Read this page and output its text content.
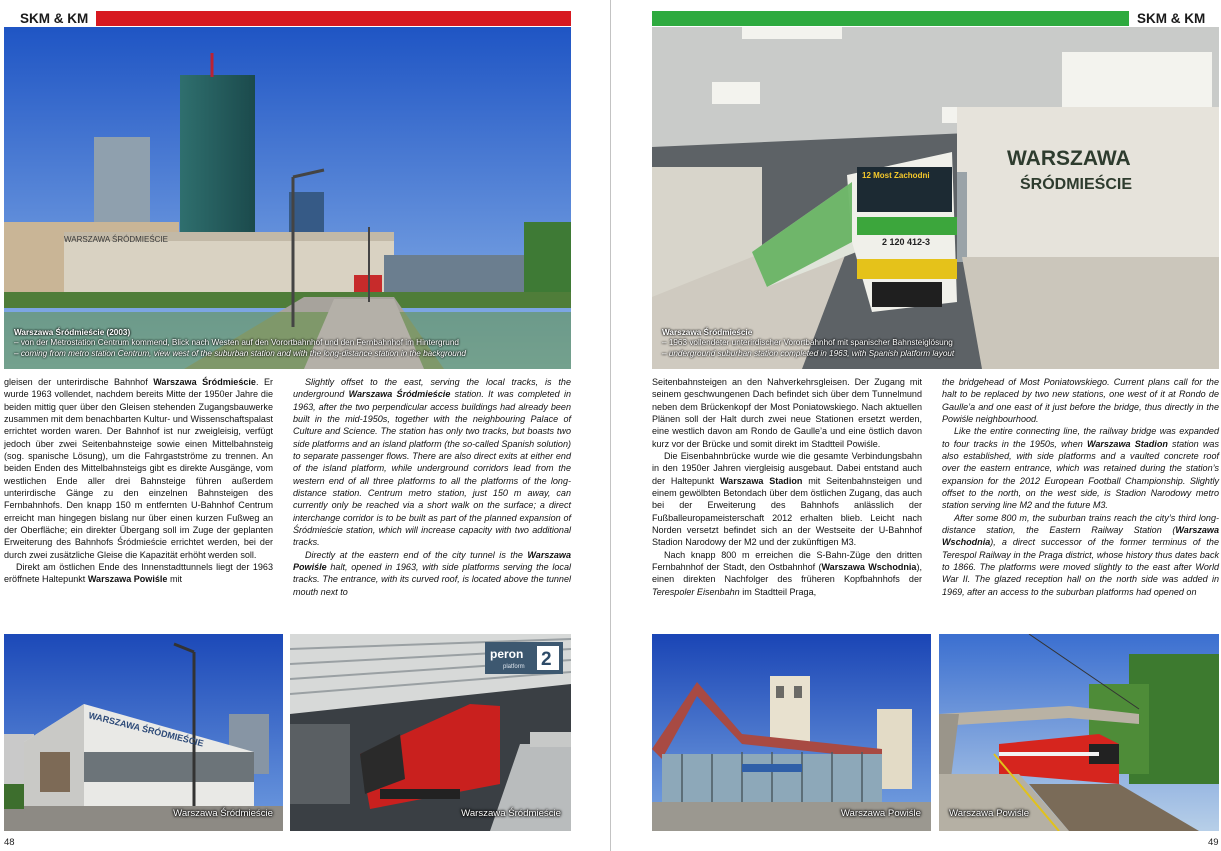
SKM & KM
WARSZAWA ŚRÓDMIEŚCIE
Warszawa Śródmieście (2003)
– von der Metrostation Centrum kommend, Blick nach Westen auf den Vorortbahnhof und den Fernbahnhof im Hintergrund
– coming from metro station Centrum, view west of the suburban station and with the long-distance station in the background

gleisen der unterirdische Bahnhof Warszawa Śródmieście. Er wurde 1963 vollendet, nachdem bereits Mitte der 1950er Jahre die beiden mittig quer über den Gleisen stehenden Zugangsbauwerke zusammen mit dem benachbarten Kultur- und Wissenschaftspalast errichtet worden waren. Der Bahnhof ist nur zweigleisig, verfügt jedoch über zwei Seitenbahnsteige sowie einen Mittelbahnsteig (sog. spanische Lösung), um die Fahrgastströme zu trennen. An beiden Enden des Mittelbahnsteigs gibt es direkte Ausgänge, vom westlichen Ende aller drei Bahnsteige führen außerdem unterirdische Gänge zu den einzelnen Bahnsteigen des Fernbahnhofs. Den knapp 150 m entfernten U-Bahnhof Centrum erreicht man hingegen bislang nur über einen kurzen Fußweg an der Oberfläche; ein direkter Übergang soll im Zuge der geplanten Erweiterung des Bahnhofs Śródmieście errichtet werden, bei der durch zwei zusätzliche Gleise die Kapazität erhöht werden soll.

Direkt am östlichen Ende des Innenstadttunnels liegt der 1963 eröffnete Haltepunkt Warszawa Powiśle mit

Slightly offset to the east, serving the local tracks, is the underground Warszawa Śródmieście station. It was completed in 1963, after the two perpendicular access buildings had already been built in the mid-1950s, together with the neighbouring Palace of Culture and Science. The station has only two tracks, but boasts two side platforms and an island platform (the so-called Spanish solution) to separate passenger flows. There are also direct exits at either end of the island platform, while underground corridors lead from the western end of all three platforms to all the platforms of the long-distance station. Centrum metro station, just 150 m away, can currently only be reached via a short walk on the surface; a direct interchange corridor is to be built as part of the planned expansion of Śródmieście station, which will increase capacity with two additional tracks.

Directly at the eastern end of the city tunnel is the Warszawa Powiśle halt, opened in 1963, with side platforms serving the local tracks. The entrance, with its curved roof, is located above the tunnel mouth next to

WARSZAWA ŚRÓDMIEŚCIE
Warszawa Śródmieście
peron
platform 2
Warszawa Śródmieście
48
SKM & KM
12 Most Zachodni
2 120 412-3
WARSZAWA
ŚRÓDMIEŚCIE
Warszawa Śródmieście
– 1963 vollendeter unterirdischer Vorortbahnhof mit spanischer Bahnsteiglösung
– underground suburban station completed in 1963, with Spanish platform layout

Seitenbahnsteigen an den Nahverkehrsgleisen. Der Zugang mit seinem geschwungenen Dach befindet sich über dem Tunnelmund neben dem Brückenkopf der Most Poniatowskiego. Nach aktuellen Plänen soll der Halt durch zwei neue Stationen ersetzt werden, eine westlich davon am Rondo de Gaulle’a und eine östlich davon kurz vor der Brücke und somit direkt im Stadtteil Powiśle.

Die Eisenbahnbrücke wurde wie die gesamte Verbindungsbahn in den 1950er Jahren viergleisig ausgebaut. Dabei entstand auch der Haltepunkt Warszawa Stadion mit Seitenbahnsteigen und einem gewölbten Betondach über dem östlichen Zugang, das auch bei der Erweiterung des Bahnhofs anlässlich der Fußballeuropameisterschaft 2012 erhalten blieb. Leicht nach Norden versetzt befindet sich an der Westseite der U-Bahnhof Stadion Narodowy der M2 und der zukünftigen M3.

Nach knapp 800 m erreichen die S-Bahn-Züge den dritten Fernbahnhof der Stadt, den Ostbahnhof (Warszawa Wschodnia), einen direkten Nachfolger des früheren Kopfbahnhofs der Terespoler Eisenbahn im Stadtteil Praga,

the bridgehead of Most Poniatowskiego. Current plans call for the halt to be replaced by two new stations, one west of it at Rondo de Gaulle’a and one east of it just before the bridge, thus directly in the Powiśle neighbourhood.

Like the entire connecting line, the railway bridge was expanded to four tracks in the 1950s, when Warszawa Stadion station was also established, with side platforms and a vaulted concrete roof over the eastern entrance, which was retained during the station’s expansion for the 2012 European Football Championship. Slightly offset to the north, on the west side, is Stadion Narodowy metro station serving line M2 and the future M3.

After some 800 m, the suburban trains reach the city’s third long-distance station, the Eastern Railway Station (Warszawa Wschodnia), a direct successor of the former terminus of the Terespol Railway in the Praga district, whose history thus dates back to 1866. The platforms were moved slightly to the east after World War II. The glazed reception hall on the north side was added in 1969, after an access to the suburban platforms had opened on

Warszawa Powiśle	Warszawa Powiśle
49
